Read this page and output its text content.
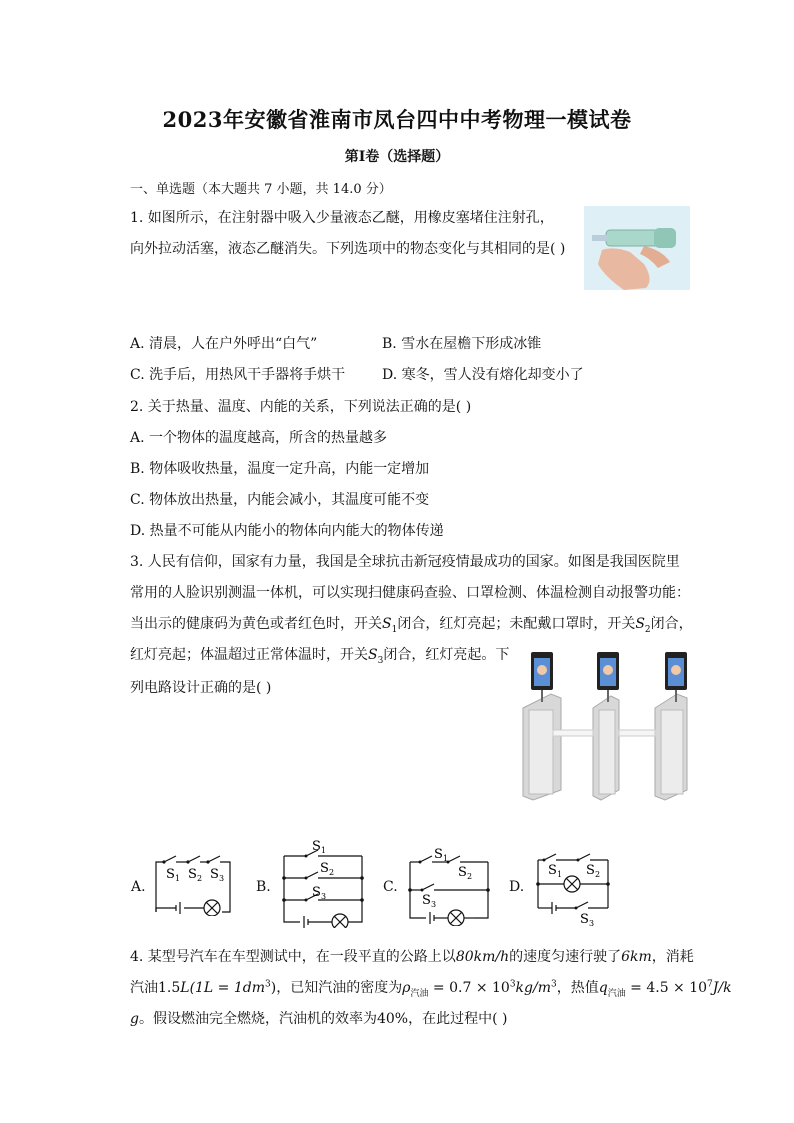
2023年安徽省淮南市凤台四中中考物理一模试卷
第Ⅰ卷（选择题）
一、单选题（本大题共 7 小题，共 14.0 分）
1. 如图所示，在注射器中吸入少量液态乙醚，用橡皮塞堵住注射孔，
向外拉动活塞，液态乙醚消失。下列选项中的物态变化与其相同的是( )
A. 清晨，人在户外呼出“白气”	B. 雪水在屋檐下形成冰锥
C. 洗手后，用热风干手器将手烘干	D. 寒冬，雪人没有熔化却变小了
2. 关于热量、温度、内能的关系，下列说法正确的是( )
A. 一个物体的温度越高，所含的热量越多
B. 物体吸收热量，温度一定升高，内能一定增加
C. 物体放出热量，内能会减小，其温度可能不变
D. 热量不可能从内能小的物体向内能大的物体传递
3. 人民有信仰，国家有力量，我国是全球抗击新冠疫情最成功的国家。如图是我国医院里
常用的人脸识别测温一体机，可以实现扫健康码查验、口罩检测、体温检测自动报警功能：
当出示的健康码为黄色或者红色时，开关$S_1$闭合，红灯亮起；未配戴口罩时，开关$S_2$闭合，
红灯亮起；体温超过正常体温时，开关$S_3$闭合，红灯亮起。下
列电路设计正确的是( )
A.
S 1 S 2 S 3
B.
S 1
S 2
S 3
C.
S 1
S 2
S 3
D.
S 1 S 2
S 3
4. 某型号汽车在车型测试中，在一段平直的公路上以80km/h的速度匀速行驶了6km，消耗
汽油$1.5L(1L = 1dm^3)$，已知汽油的密度为$\rho_{汽油} = 0.7 \times 10^3kg/m^3$，热值$q_{汽油} = 4.5 \times 10^7J/k$
g。假设燃油完全燃烧，汽油机的效率为40%，在此过程中( )
